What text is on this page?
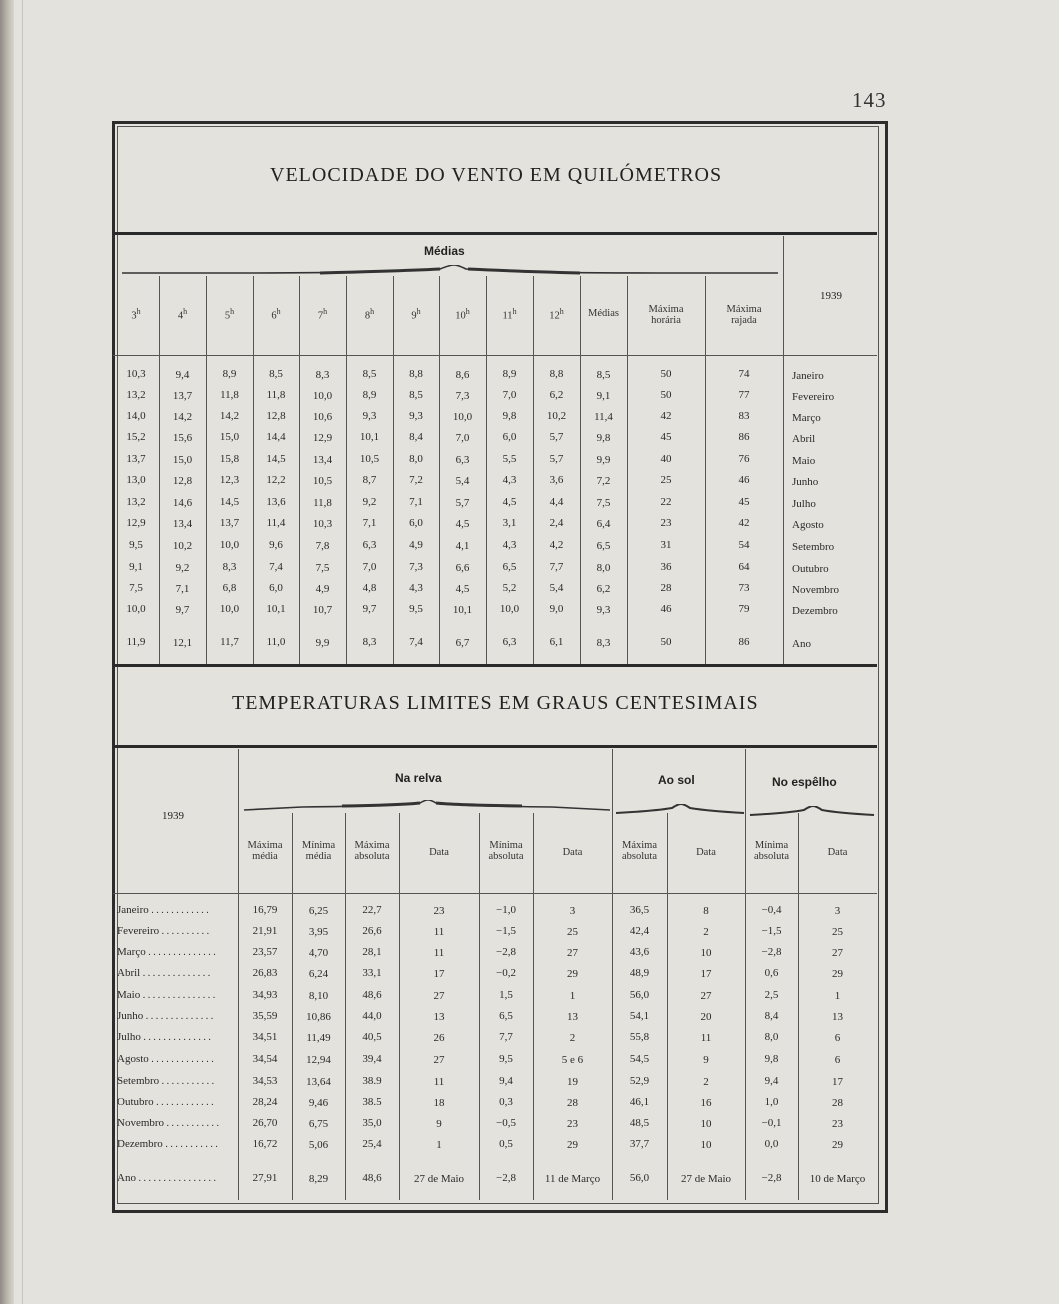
143
VELOCIDADE DO VENTO EM QUILÓMETROS
Médias
1939
3$^h$	4$^h$	5$^h$	6$^h$	7$^h$	8$^h$	9$^h$	10$^h$	11$^h$	12$^h$	Médias	Máxima
horária
Máxima
rajada
10,3	9,4	8,9	8,5	8,3	8,5	8,8	8,6	8,9	8,8	8,5	50	74	Janeiro
13,2	13,7	11,8	11,8	10,0	8,9	8,5	7,3	7,0	6,2	9,1	50	77	Fevereiro
14,0	14,2	14,2	12,8	10,6	9,3	9,3	10,0	9,8	10,2	11,4	42	83	Março
15,2	15,6	15,0	14,4	12,9	10,1	8,4	7,0	6,0	5,7	9,8	45	86	Abril
13,7	15,0	15,8	14,5	13,4	10,5	8,0	6,3	5,5	5,7	9,9	40	76	Maio
13,0	12,8	12,3	12,2	10,5	8,7	7,2	5,4	4,3	3,6	7,2	25	46	Junho
13,2	14,6	14,5	13,6	11,8	9,2	7,1	5,7	4,5	4,4	7,5	22	45	Julho
12,9	13,4	13,7	11,4	10,3	7,1	6,0	4,5	3,1	2,4	6,4	23	42	Agosto
9,5	10,2	10,0	9,6	7,8	6,3	4,9	4,1	4,3	4,2	6,5	31	54	Setembro
9,1	9,2	8,3	7,4	7,5	7,0	7,3	6,6	6,5	7,7	8,0	36	64	Outubro
7,5	7,1	6,8	6,0	4,9	4,8	4,3	4,5	5,2	5,4	6,2	28	73	Novembro
10,0	9,7	10,0	10,1	10,7	9,7	9,5	10,1	10,0	9,0	9,3	46	79	Dezembro
11,9	12,1	11,7	11,0	9,9	8,3	7,4	6,7	6,3	6,1	8,3	50	86	Ano
TEMPERATURAS LIMITES EM GRAUS CENTESIMAIS
Na relva	Ao sol	No espêlho
1939
Máxima
média
Mínima
média
Máxima
absoluta	Data
Mínima
absoluta	Data
Máxima
absoluta	Data
Mínima
absoluta	Data
Janeiro . . . . . . . . . . . .	16,79	6,25	22,7	23	−1,0	3	36,5	8	−0,4	3
Fevereiro . . . . . . . . . .	21,91	3,95	26,6	11	−1,5	25	42,4	2	−1,5	25
Março . . . . . . . . . . . . . .	23,57	4,70	28,1	11	−2,8	27	43,6	10	−2,8	27
Abril . . . . . . . . . . . . . .	26,83	6,24	33,1	17	−0,2	29	48,9	17	0,6	29
Maio . . . . . . . . . . . . . . .	34,93	8,10	48,6	27	1,5	1	56,0	27	2,5	1
Junho . . . . . . . . . . . . . .	35,59	10,86	44,0	13	6,5	13	54,1	20	8,4	13
Julho . . . . . . . . . . . . . .	34,51	11,49	40,5	26	7,7	2	55,8	11	8,0	6
Agosto . . . . . . . . . . . . .	34,54	12,94	39,4	27	9,5	5 e 6	54,5	9	9,8	6
Setembro . . . . . . . . . . .	34,53	13,64	38.9	11	9,4	19	52,9	2	9,4	17
Outubro . . . . . . . . . . . .	28,24	9,46	38.5	18	0,3	28	46,1	16	1,0	28
Novembro . . . . . . . . . . .	26,70	6,75	35,0	9	−0,5	23	48,5	10	−0,1	23
Dezembro . . . . . . . . . . .	16,72	5,06	25,4	1	0,5	29	37,7	10	0,0	29
Ano . . . . . . . . . . . . . . . .	27,91	8,29	48,6	27 de Maio	−2,8	11 de Março	56,0	27 de Maio	−2,8	10 de Março
